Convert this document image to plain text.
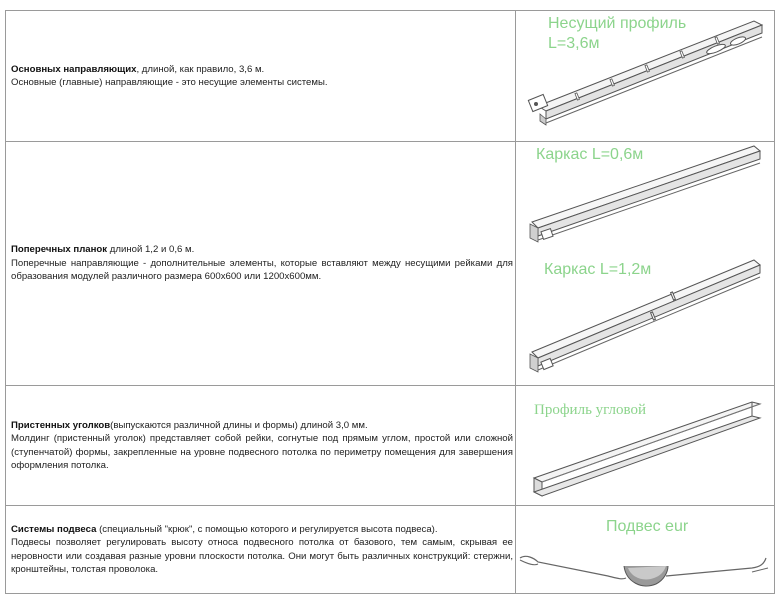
Основных направляющих, длиной, как правило, 3,6 м.
Основные (главные) направляющие - это несущие элементы системы.	Несущий профиль
L=3,6м

Поперечных планок длиной 1,2 и 0,6 м.
Поперечные направляющие - дополнительные элементы, которые вставляют между несущими рейками для образования модулей различного размера 600х600 или 1200х600мм.	Каркас L=0,6м
Каркас L=1,2м

Пристенных уголков(выпускаются различной длины и формы) длиной 3,0 мм.
Молдинг (пристенный уголок) представляет собой рейки, согнутые под прямым углом, простой или сложной (ступенчатой) формы, закрепленные на уровне подвесного потолка по периметру помещения для завершения оформления потолка.	Профиль угловой

Системы подвеса (специальный "крюк", с помощью которого и регулируется высота подвеса).
Подвесы позволяет регулировать высоту относа подвесного потолка от базового, тем самым, скрывая ее неровности или создавая разные уровни плоскости потолка. Они могут быть различных конструкций: стержни, кронштейны, толстая проволока.	Подвес eur
